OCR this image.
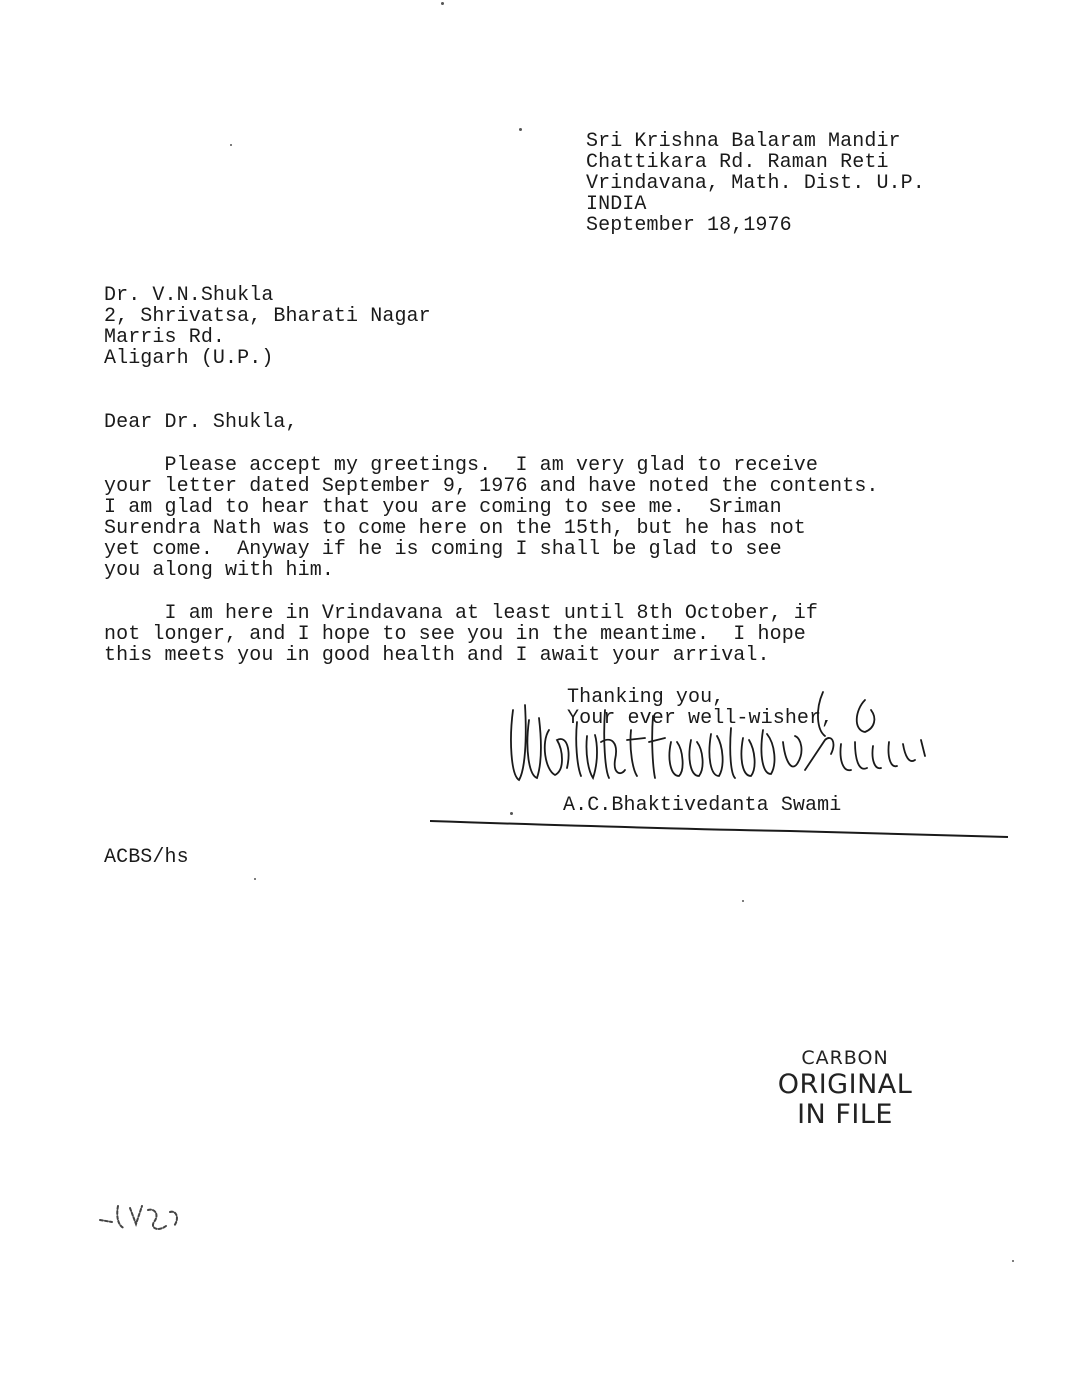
Sri Krishna Balaram Mandir
Chattikara Rd. Raman Reti
Vrindavana, Math. Dist. U.P.
INDIA
September 18,1976
Dr. V.N.Shukla
2, Shrivatsa, Bharati Nagar
Marris Rd.
Aligarh (U.P.)
Dear Dr. Shukla,
Please accept my greetings.  I am very glad to receive
your letter dated September 9, 1976 and have noted the contents.
I am glad to hear that you are coming to see me.  Sriman
Surendra Nath was to come here on the 15th, but he has not
yet come.  Anyway if he is coming I shall be glad to see
you along with him.
I am here in Vrindavana at least until 8th October, if
not longer, and I hope to see you in the meantime.  I hope
this meets you in good health and I await your arrival.
Thanking you,
Your ever well-wisher,
A.C.Bhaktivedanta Swami
ACBS/hs
CARBON
ORIGINAL
IN FILE
